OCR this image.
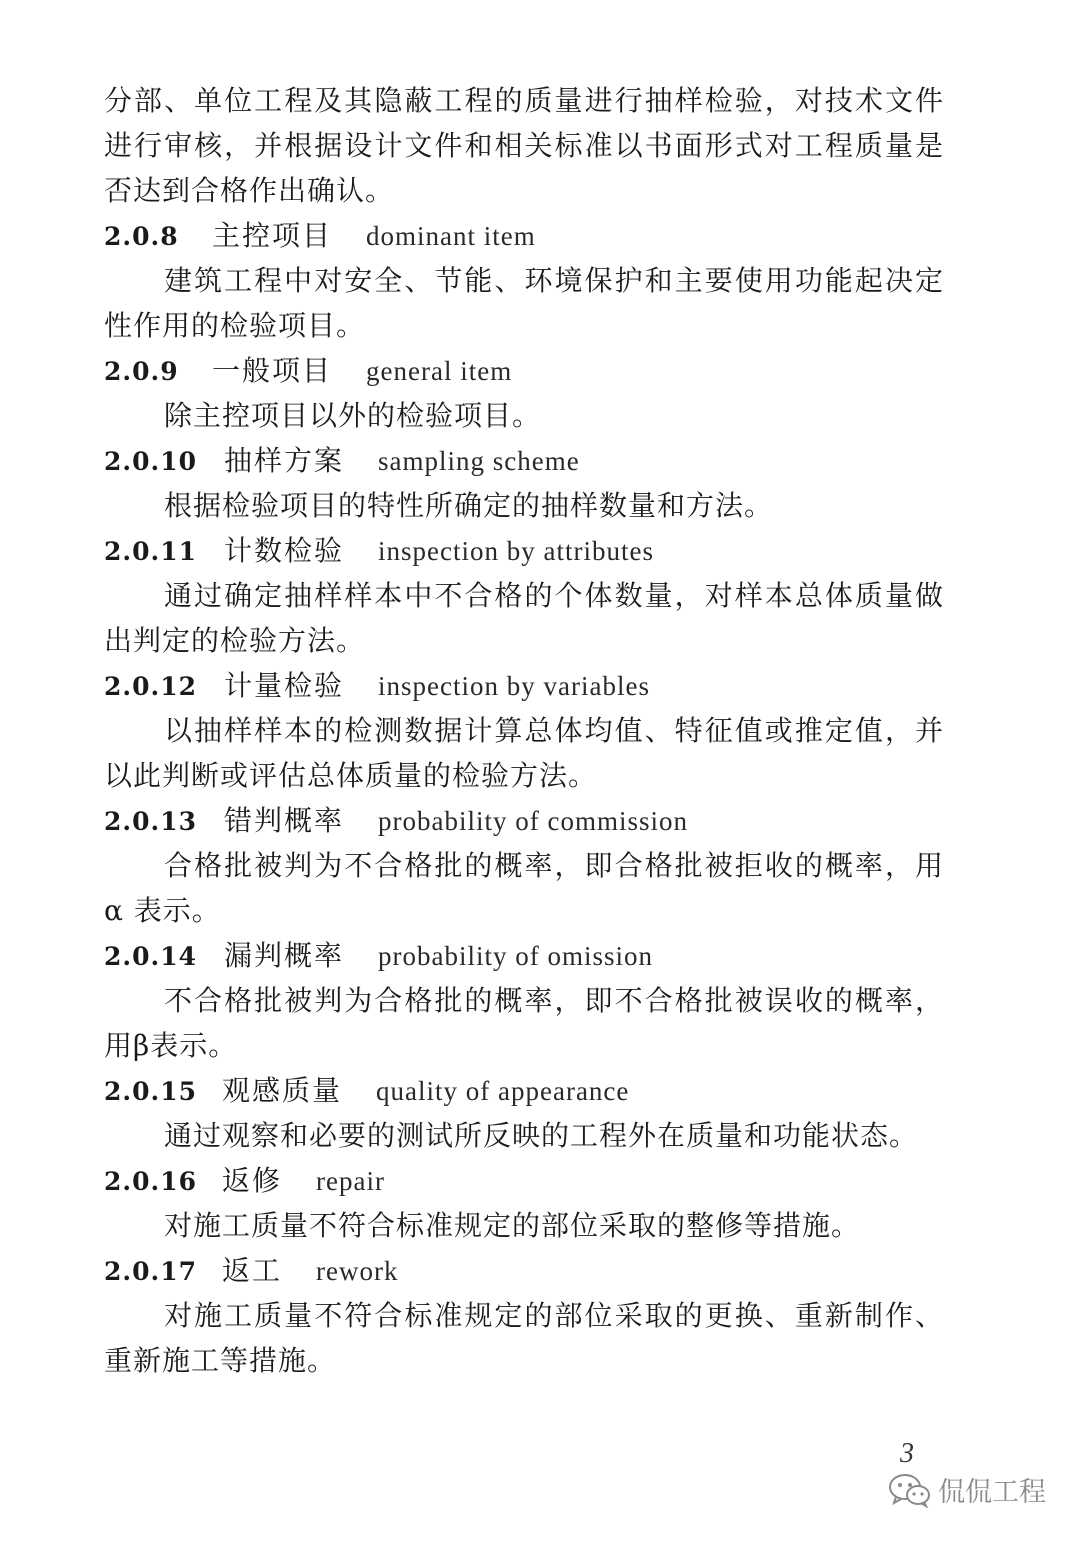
分部、单位工程及其隐蔽工程的质量进行抽样检验，对技术文件
进行审核，并根据设计文件和相关标准以书面形式对工程质量是
否达到合格作出确认。
2.0.8	主控项目 dominant item
建筑工程中对安全、节能、环境保护和主要使用功能起决定
性作用的检验项目。
2.0.9	一般项目 general item
除主控项目以外的检验项目。
2.0.10 抽样方案 sampling scheme
根据检验项目的特性所确定的抽样数量和方法。
2.0.11 计数检验 inspection by attributes
通过确定抽样样本中不合格的个体数量，对样本总体质量做
出判定的检验方法。
2.0.12 计量检验 inspection by variables
以抽样样本的检测数据计算总体均值、特征值或推定值，并
以此判断或评估总体质量的检验方法。
2.0.13 错判概率 probability of commission
合格批被判为不合格批的概率，即合格批被拒收的概率，用
α 表示。
2.0.14 漏判概率 probability of omission
不合格批被判为合格批的概率，即不合格批被误收的概率，
用β表示。
2.0.15 观感质量 quality of appearance
通过观察和必要的测试所反映的工程外在质量和功能状态。
2.0.16 返修 repair
对施工质量不符合标准规定的部位采取的整修等措施。
2.0.17 返工 rework
对施工质量不符合标准规定的部位采取的更换、重新制作、
重新施工等措施。
3
侃侃工程
